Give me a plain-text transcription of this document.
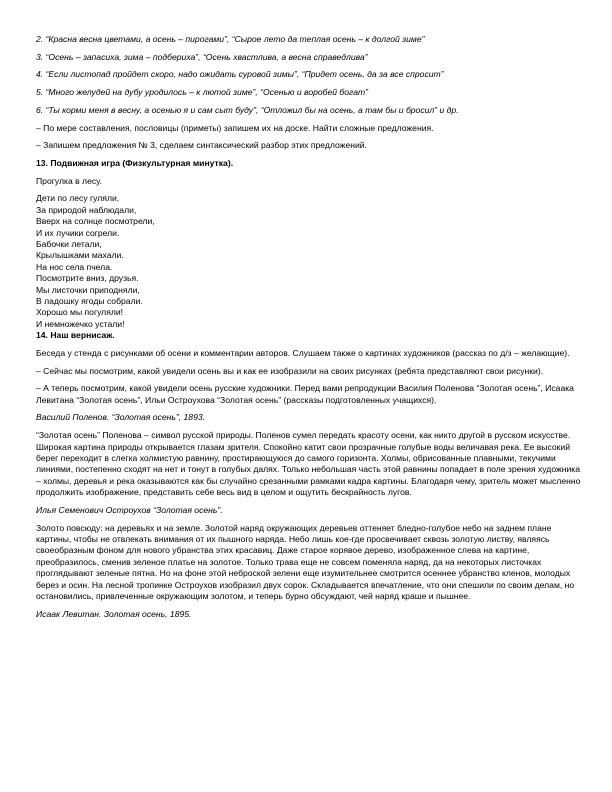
2. “Красна весна цветами, а осень – пирогами”, “Сырое лето да теплая осень – к долгой зиме”

3. “Осень – запасиха, зима – подбериха”, “Осень хвастлива, а весна справедлива”

4. “Если листопад пройдет скоро, надо ожидать суровой зимы”, “Придет осень, да за все спросит”

5. “Много желудей на дубу уродилось – к лютой зиме”, “Осенью и воробей богат”

6. “Ты корми меня в весну, а осенью я и сам сыт буду”, “Отложил бы на осень, а там бы и бросил” и др.

– По мере составления, пословицы (приметы) запишем их на доске. Найти сложные предложения.

– Запишем предложения № 3, сделаем синтаксический разбор этих предложений.

13. Подвижная игра (Физкультурная минутка).

Прогулка в лесу.

Дети по лесу гуляли,
За природой наблюдали,
Вверх на солнце посмотрели,
И их лучики согрели.
Бабочки летали,
Крылышками махали.
На нос села пчела.
Посмотрите вниз, друзья.
Мы листочки приподняли,
В ладошку ягоды собрали.
Хорошо мы погуляли!
И немножечко устали!

14. Наш вернисаж.

Беседа у стенда с рисунками об осени и комментарии авторов. Слушаем также о картинах художников (рассказ по д/з – желающие).

– Сейчас мы посмотрим, какой увидели осень вы и как ее изобразили на своих рисунках (ребята представляют свои рисунки).

– А теперь посмотрим, какой увидели осень русские художники. Перед вами репродукции Василия Поленова “Золотая осень”, Исаака Левитана “Золотая осень”, Ильи Остроухова “Золотая осень” (рассказы подготовленных учащихся).

Василий Поленов. “Золотая осень”, 1893.

“Золотая осень” Поленова – символ русской природы. Поленов сумел передать красоту осени, как никто другой в русском искусстве. Широкая картина природы открывается глазам зрителя. Спокойно катит свои прозрачные голубые воды величавая река. Ее высокий берег переходит в слегка холмистую равнину, простирающуюся до самого горизонта. Холмы, обрисованные плавными, текучими линиями, постепенно сходят на нет и тонут в голубых далях. Только небольшая часть этой равнины попадает в поле зрения художника – холмы, деревья и река оказываются как бы случайно срезанными рамками кадра картины. Благодаря чему, зритель может мысленно продолжить изображение, представить себе весь вид в целом и ощутить бескрайность лугов.

Илья Семенович Остроухов “Золотая осень”.

Золото повсюду: на деревьях и на земле. Золотой наряд окружающих деревьев оттеняет бледно-голубое небо на заднем плане картины, чтобы не отвлекать внимания от их пышного наряда. Небо лишь кое-где просвечивает сквозь золотую листву, являясь своеобразным фоном для нового убранства этих красавиц. Даже старое корявое дерево, изображенное слева на картине, преобразилось, сменив зеленое платье на золотое. Только трава еще не совсем поменяла наряд, да на некоторых листочках проглядывают зеленые пятна. Но на фоне этой неброской зелени еще изумительнее смотрится осеннее убранство кленов, молодых берез и осин. На лесной тропинке Остроухов изобразил двух сорок. Складывается впечатление, что они спешили по своим делам, но остановились, привлеченные окружающим золотом, и теперь бурно обсуждают, чей наряд краше и пышнее.

Исаак Левитан. Золотая осень, 1895.
